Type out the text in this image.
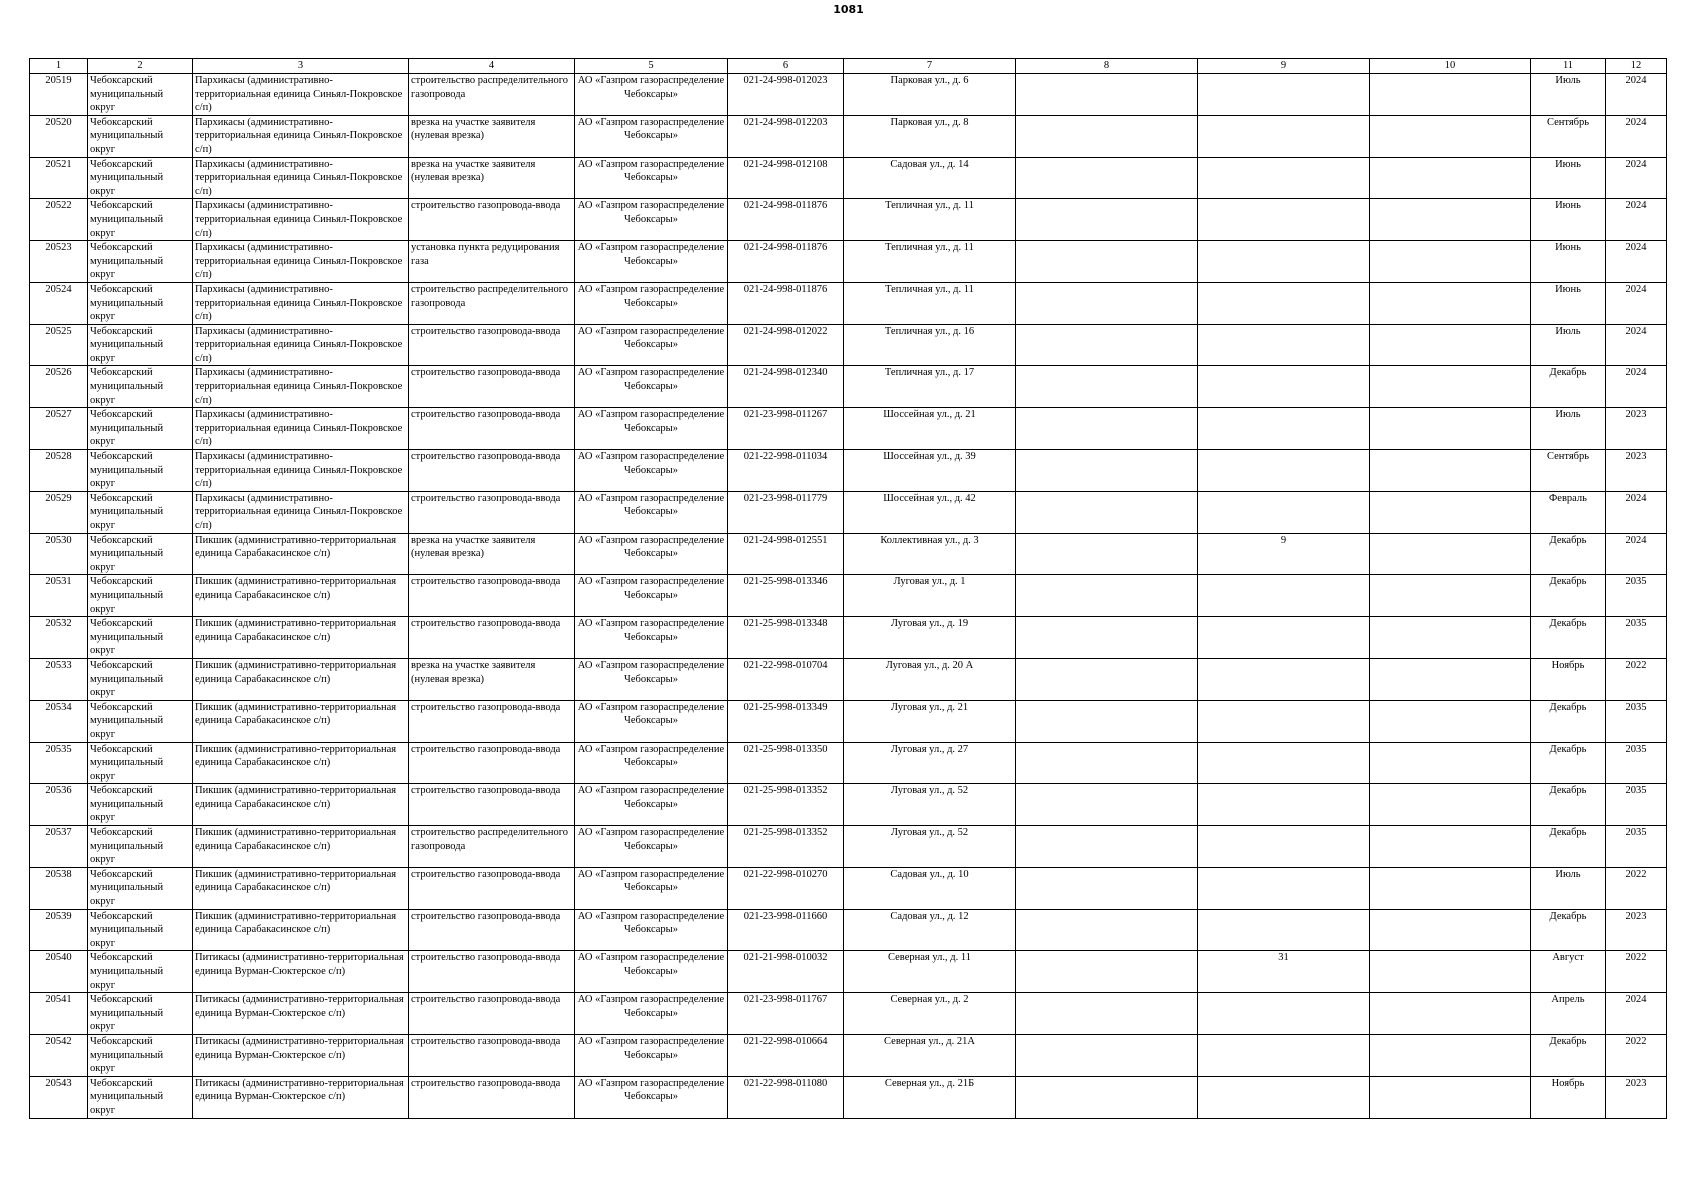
1081
1	2	3	4	5	6	7	8	9	10	11	12
20519	Чебоксарский муниципальный округ	Пархикасы (административно-территориальная единица Синьял-Покровское с/п)	строительство распределительного газопровода	АО «Газпром газораспределение Чебоксары»	021-24-998-012023	Парковая ул., д. 6				Июль	2024
20520	Чебоксарский муниципальный округ	Пархикасы (административно-территориальная единица Синьял-Покровское с/п)	врезка на участке заявителя (нулевая врезка)	АО «Газпром газораспределение Чебоксары»	021-24-998-012203	Парковая ул., д. 8				Сентябрь	2024
20521	Чебоксарский муниципальный округ	Пархикасы (административно-территориальная единица Синьял-Покровское с/п)	врезка на участке заявителя (нулевая врезка)	АО «Газпром газораспределение Чебоксары»	021-24-998-012108	Садовая ул., д. 14				Июнь	2024
20522	Чебоксарский муниципальный округ	Пархикасы (административно-территориальная единица Синьял-Покровское с/п)	строительство газопровода-ввода	АО «Газпром газораспределение Чебоксары»	021-24-998-011876	Тепличная ул., д. 11				Июнь	2024
20523	Чебоксарский муниципальный округ	Пархикасы (административно-территориальная единица Синьял-Покровское с/п)	установка пункта редуцирования газа	АО «Газпром газораспределение Чебоксары»	021-24-998-011876	Тепличная ул., д. 11				Июнь	2024
20524	Чебоксарский муниципальный округ	Пархикасы (административно-территориальная единица Синьял-Покровское с/п)	строительство распределительного газопровода	АО «Газпром газораспределение Чебоксары»	021-24-998-011876	Тепличная ул., д. 11				Июнь	2024
20525	Чебоксарский муниципальный округ	Пархикасы (административно-территориальная единица Синьял-Покровское с/п)	строительство газопровода-ввода	АО «Газпром газораспределение Чебоксары»	021-24-998-012022	Тепличная ул., д. 16				Июль	2024
20526	Чебоксарский муниципальный округ	Пархикасы (административно-территориальная единица Синьял-Покровское с/п)	строительство газопровода-ввода	АО «Газпром газораспределение Чебоксары»	021-24-998-012340	Тепличная ул., д. 17				Декабрь	2024
20527	Чебоксарский муниципальный округ	Пархикасы (административно-территориальная единица Синьял-Покровское с/п)	строительство газопровода-ввода	АО «Газпром газораспределение Чебоксары»	021-23-998-011267	Шоссейная ул., д. 21				Июль	2023
20528	Чебоксарский муниципальный округ	Пархикасы (административно-территориальная единица Синьял-Покровское с/п)	строительство газопровода-ввода	АО «Газпром газораспределение Чебоксары»	021-22-998-011034	Шоссейная ул., д. 39				Сентябрь	2023
20529	Чебоксарский муниципальный округ	Пархикасы (административно-территориальная единица Синьял-Покровское с/п)	строительство газопровода-ввода	АО «Газпром газораспределение Чебоксары»	021-23-998-011779	Шоссейная ул., д. 42				Февраль	2024
20530	Чебоксарский муниципальный округ	Пикшик (административно-территориальная единица Сарабакасинское с/п)	врезка на участке заявителя (нулевая врезка)	АО «Газпром газораспределение Чебоксары»	021-24-998-012551	Коллективная ул., д. 3		9		Декабрь	2024
20531	Чебоксарский муниципальный округ	Пикшик (административно-территориальная единица Сарабакасинское с/п)	строительство газопровода-ввода	АО «Газпром газораспределение Чебоксары»	021-25-998-013346	Луговая ул., д. 1				Декабрь	2035
20532	Чебоксарский муниципальный округ	Пикшик (административно-территориальная единица Сарабакасинское с/п)	строительство газопровода-ввода	АО «Газпром газораспределение Чебоксары»	021-25-998-013348	Луговая ул., д. 19				Декабрь	2035
20533	Чебоксарский муниципальный округ	Пикшик (административно-территориальная единица Сарабакасинское с/п)	врезка на участке заявителя (нулевая врезка)	АО «Газпром газораспределение Чебоксары»	021-22-998-010704	Луговая ул., д. 20 А				Ноябрь	2022
20534	Чебоксарский муниципальный округ	Пикшик (административно-территориальная единица Сарабакасинское с/п)	строительство газопровода-ввода	АО «Газпром газораспределение Чебоксары»	021-25-998-013349	Луговая ул., д. 21				Декабрь	2035
20535	Чебоксарский муниципальный округ	Пикшик (административно-территориальная единица Сарабакасинское с/п)	строительство газопровода-ввода	АО «Газпром газораспределение Чебоксары»	021-25-998-013350	Луговая ул., д. 27				Декабрь	2035
20536	Чебоксарский муниципальный округ	Пикшик (административно-территориальная единица Сарабакасинское с/п)	строительство газопровода-ввода	АО «Газпром газораспределение Чебоксары»	021-25-998-013352	Луговая ул., д. 52				Декабрь	2035
20537	Чебоксарский муниципальный округ	Пикшик (административно-территориальная единица Сарабакасинское с/п)	строительство распределительного газопровода	АО «Газпром газораспределение Чебоксары»	021-25-998-013352	Луговая ул., д. 52				Декабрь	2035
20538	Чебоксарский муниципальный округ	Пикшик (административно-территориальная единица Сарабакасинское с/п)	строительство газопровода-ввода	АО «Газпром газораспределение Чебоксары»	021-22-998-010270	Садовая ул., д. 10				Июль	2022
20539	Чебоксарский муниципальный округ	Пикшик (административно-территориальная единица Сарабакасинское с/п)	строительство газопровода-ввода	АО «Газпром газораспределение Чебоксары»	021-23-998-011660	Садовая ул., д. 12				Декабрь	2023
20540	Чебоксарский муниципальный округ	Питикасы (административно-территориальная единица Вурман-Сюктерское с/п)	строительство газопровода-ввода	АО «Газпром газораспределение Чебоксары»	021-21-998-010032	Северная ул., д. 11		31		Август	2022
20541	Чебоксарский муниципальный округ	Питикасы (административно-территориальная единица Вурман-Сюктерское с/п)	строительство газопровода-ввода	АО «Газпром газораспределение Чебоксары»	021-23-998-011767	Северная ул., д. 2				Апрель	2024
20542	Чебоксарский муниципальный округ	Питикасы (административно-территориальная единица Вурман-Сюктерское с/п)	строительство газопровода-ввода	АО «Газпром газораспределение Чебоксары»	021-22-998-010664	Северная ул., д. 21А				Декабрь	2022
20543	Чебоксарский муниципальный округ	Питикасы (административно-территориальная единица Вурман-Сюктерское с/п)	строительство газопровода-ввода	АО «Газпром газораспределение Чебоксары»	021-22-998-011080	Северная ул., д. 21Б				Ноябрь	2023
